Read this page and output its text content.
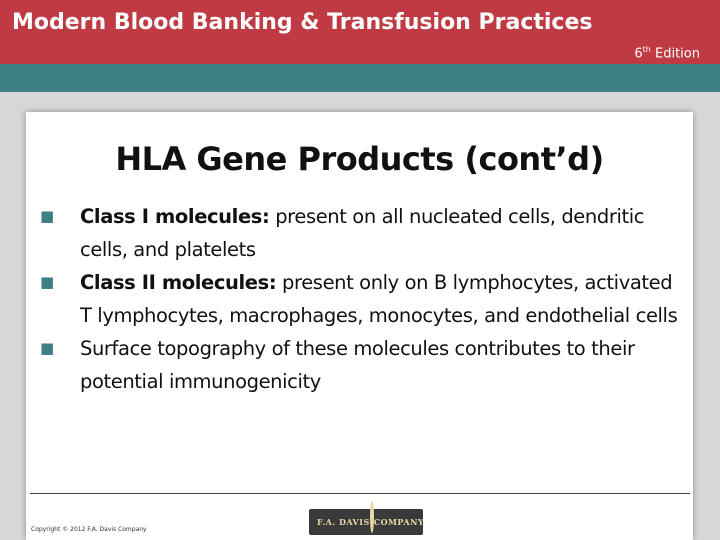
Modern Blood Banking & Transfusion Practices
6th Edition
HLA Gene Products (cont’d)
■ Class I molecules: present on all nucleated cells, dendritic cells, and platelets
■ Class II molecules: present only on B lymphocytes, activated T lymphocytes, macrophages, monocytes, and endothelial cells
■ Surface topography of these molecules contributes to their potential immunogenicity
Copyright © 2012 F.A. Davis Company
F.A. DAVIS COMPANY
